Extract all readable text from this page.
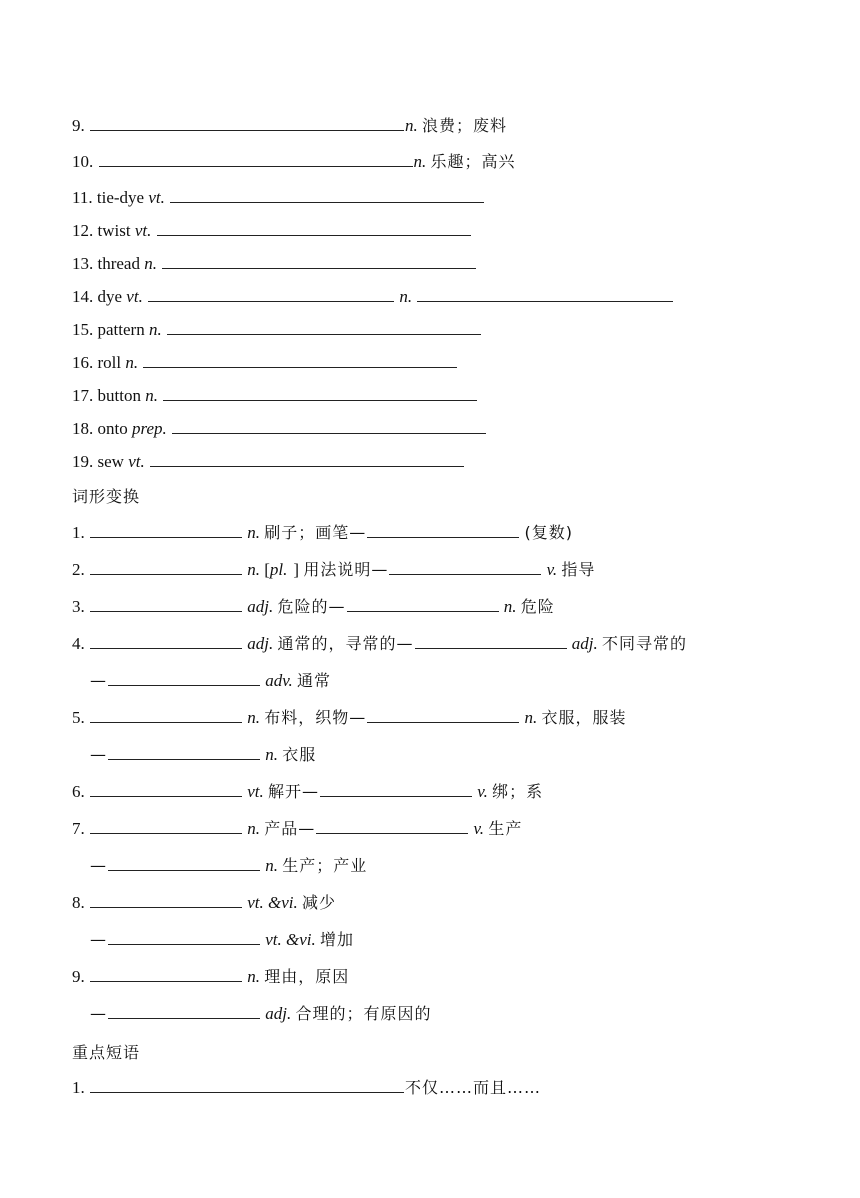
9.	n. 浪费；废料
10.	n. 乐趣；高兴
11. tie-dye vt.
12. twist vt.
13. thread n.
14. dye vt.	n.
15. pattern n.
16. roll n.
17. button n.
18. onto prep.
19. sew vt.
词形变换
1.	n. 刷子；画笔—	(复数)
2.	n. [pl. ] 用法说明—	v. 指导
3.	adj. 危险的—	n. 危险
4.	adj. 通常的，寻常的—	adj. 不同寻常的
—	adv. 通常
5.	n. 布料，织物—	n. 衣服，服装
—	n. 衣服
6.	vt. 解开—	v. 绑；系
7.	n. 产品—	v. 生产
—	n. 生产；产业
8.	vt. &vi. 减少
—	vt. &vi. 增加
9.	n. 理由，原因
—	adj. 合理的；有原因的
重点短语
1.	不仅……而且……
